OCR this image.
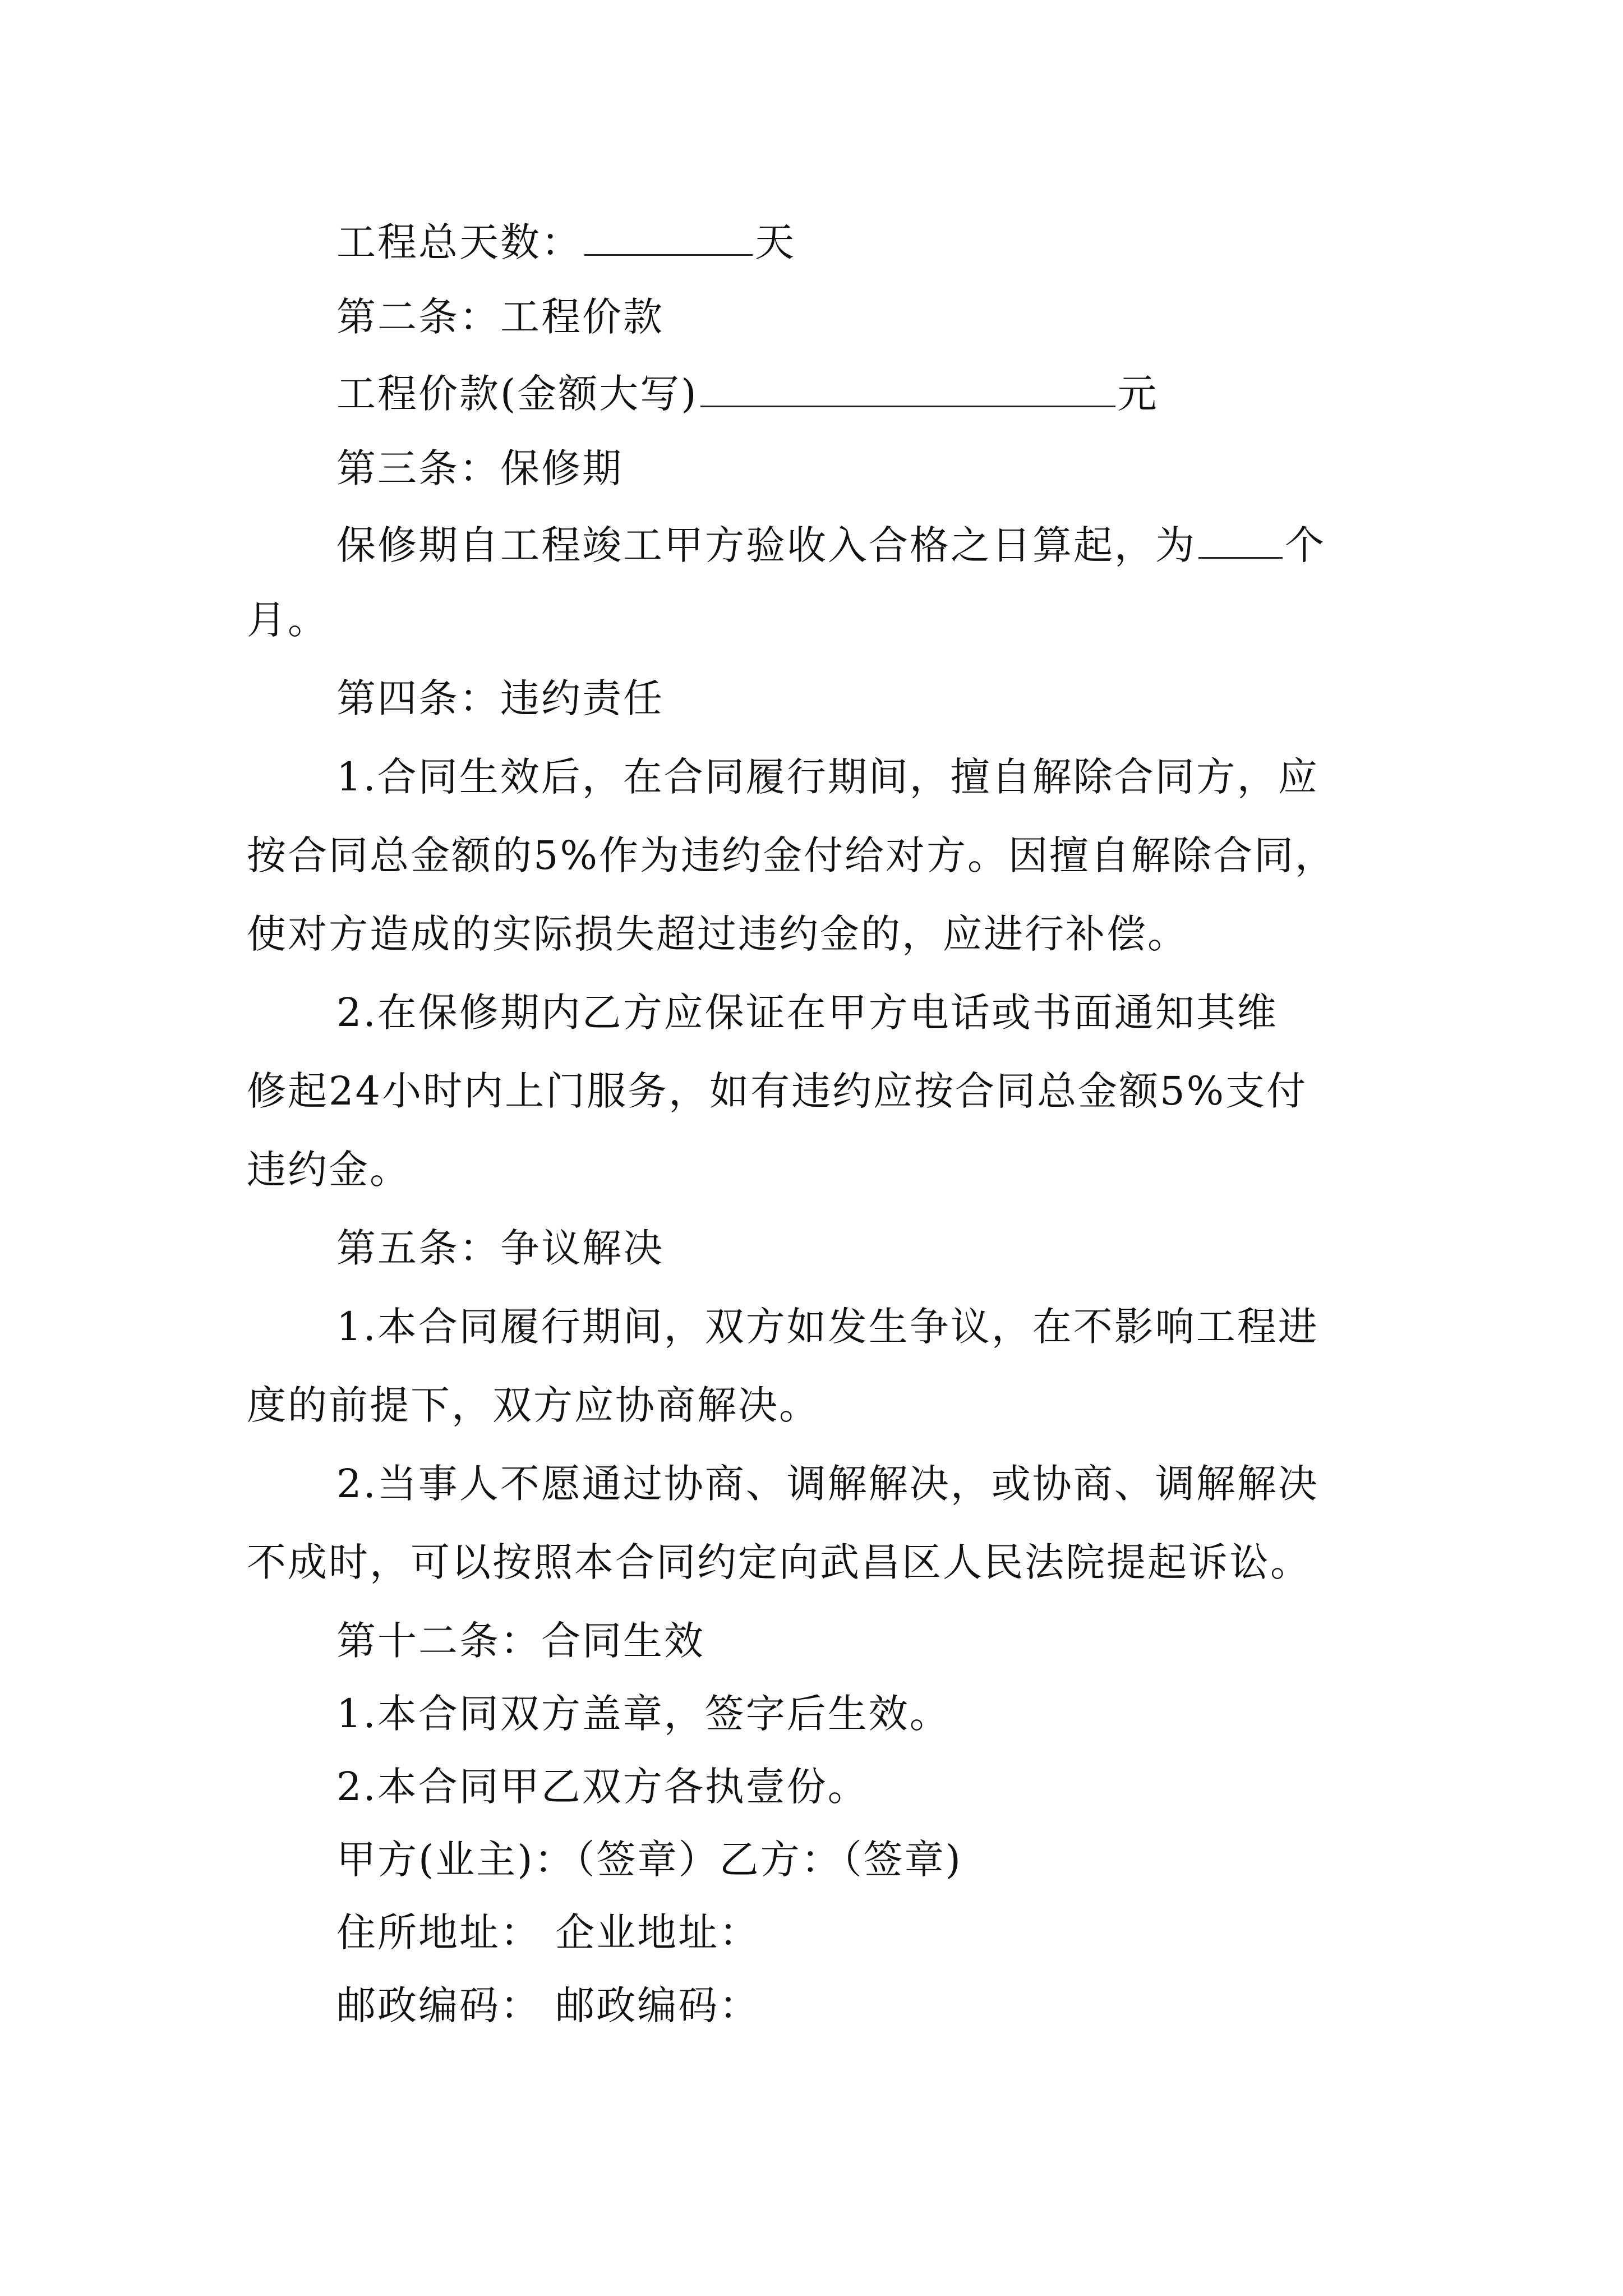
工程总天数：	天
第二条：工程价款
工程价款(金额大写)	元
第三条：保修期
保修期自工程竣工甲方验收入合格之日算起，为 个
月。
第四条：违约责任
1.合同生效后，在合同履行期间，擅自解除合同方，应
按合同总金额的5%作为违约金付给对方。因擅自解除合同，
使对方造成的实际损失超过违约金的，应进行补偿。
2.在保修期内乙方应保证在甲方电话或书面通知其维
修起24小时内上门服务，如有违约应按合同总金额5%支付
违约金。
第五条：争议解决
1.本合同履行期间，双方如发生争议，在不影响工程进
度的前提下，双方应协商解决。
2.当事人不愿通过协商、调解解决，或协商、调解解决
不成时，可以按照本合同约定向武昌区人民法院提起诉讼。
第十二条：合同生效
1.本合同双方盖章，签字后生效。
2.本合同甲乙双方各执壹份。
甲方(业主)：（签章）乙方：（签章)
住所地址： 企业地址：
邮政编码： 邮政编码：
